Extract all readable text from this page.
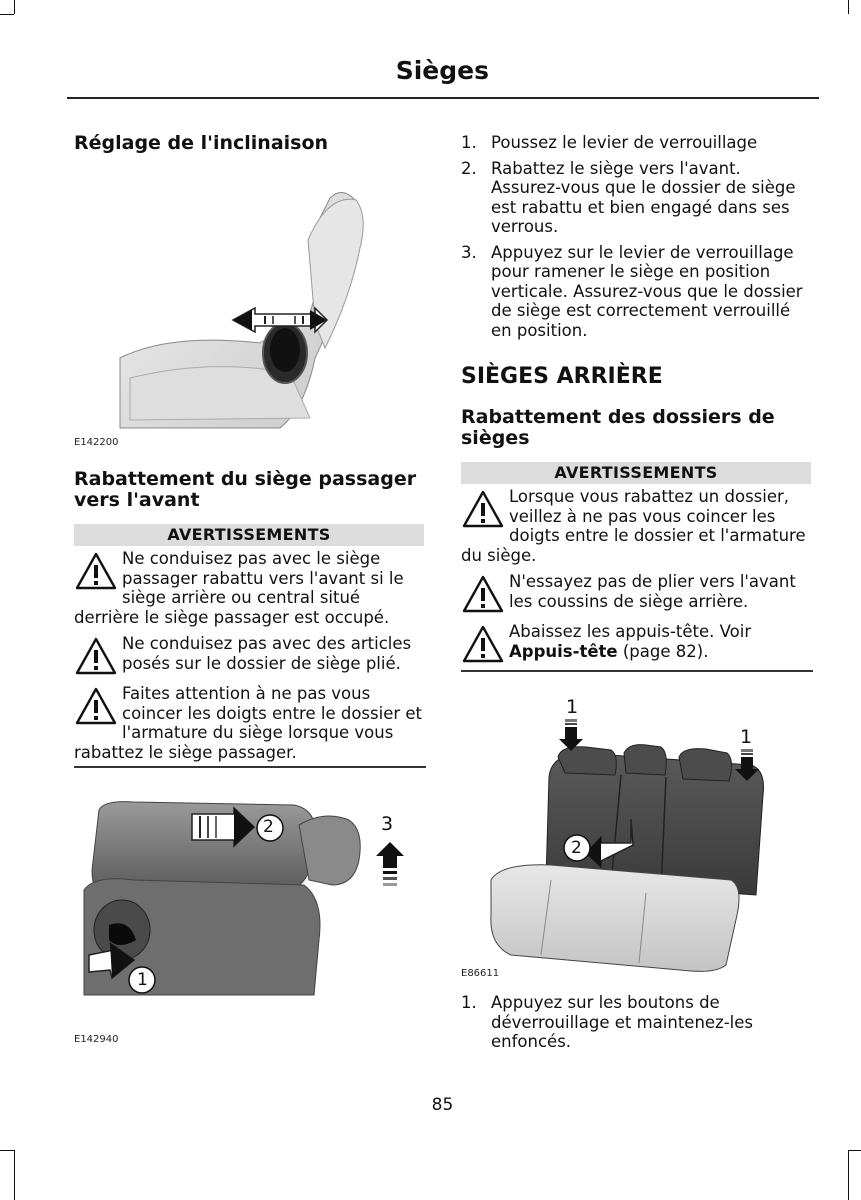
Sièges
Réglage de l'inclinaison
E142200
Rabattement du siège passager vers l'avant
AVERTISSEMENTS
Ne conduisez pas avec le siège passager rabattu vers l'avant si le siège arrière ou central situé derrière le siège passager est occupé.
Ne conduisez pas avec des articles posés sur le dossier de siège plié.
Faites attention à ne pas vous coincer les doigts entre le dossier et l'armature du siège lorsque vous rabattez le siège passager.
2
1
3
E142940
1. Poussez le levier de verrouillage
2. Rabattez le siège vers l'avant. Assurez-vous que le dossier de siège est rabattu et bien engagé dans ses verrous.
3. Appuyez sur le levier de verrouillage pour ramener le siège en position verticale. Assurez-vous que le dossier de siège est correctement verrouillé en position.
SIÈGES ARRIÈRE
Rabattement des dossiers de sièges
AVERTISSEMENTS
Lorsque vous rabattez un dossier, veillez à ne pas vous coincer les doigts entre le dossier et l'armature du siège.
N'essayez pas de plier vers l'avant les coussins de siège arrière.
Abaissez les appuis-tête. Voir Appuis-tête (page 82).
1
1
2
E86611
1. Appuyez sur les boutons de déverrouillage et maintenez-les enfoncés.
85
